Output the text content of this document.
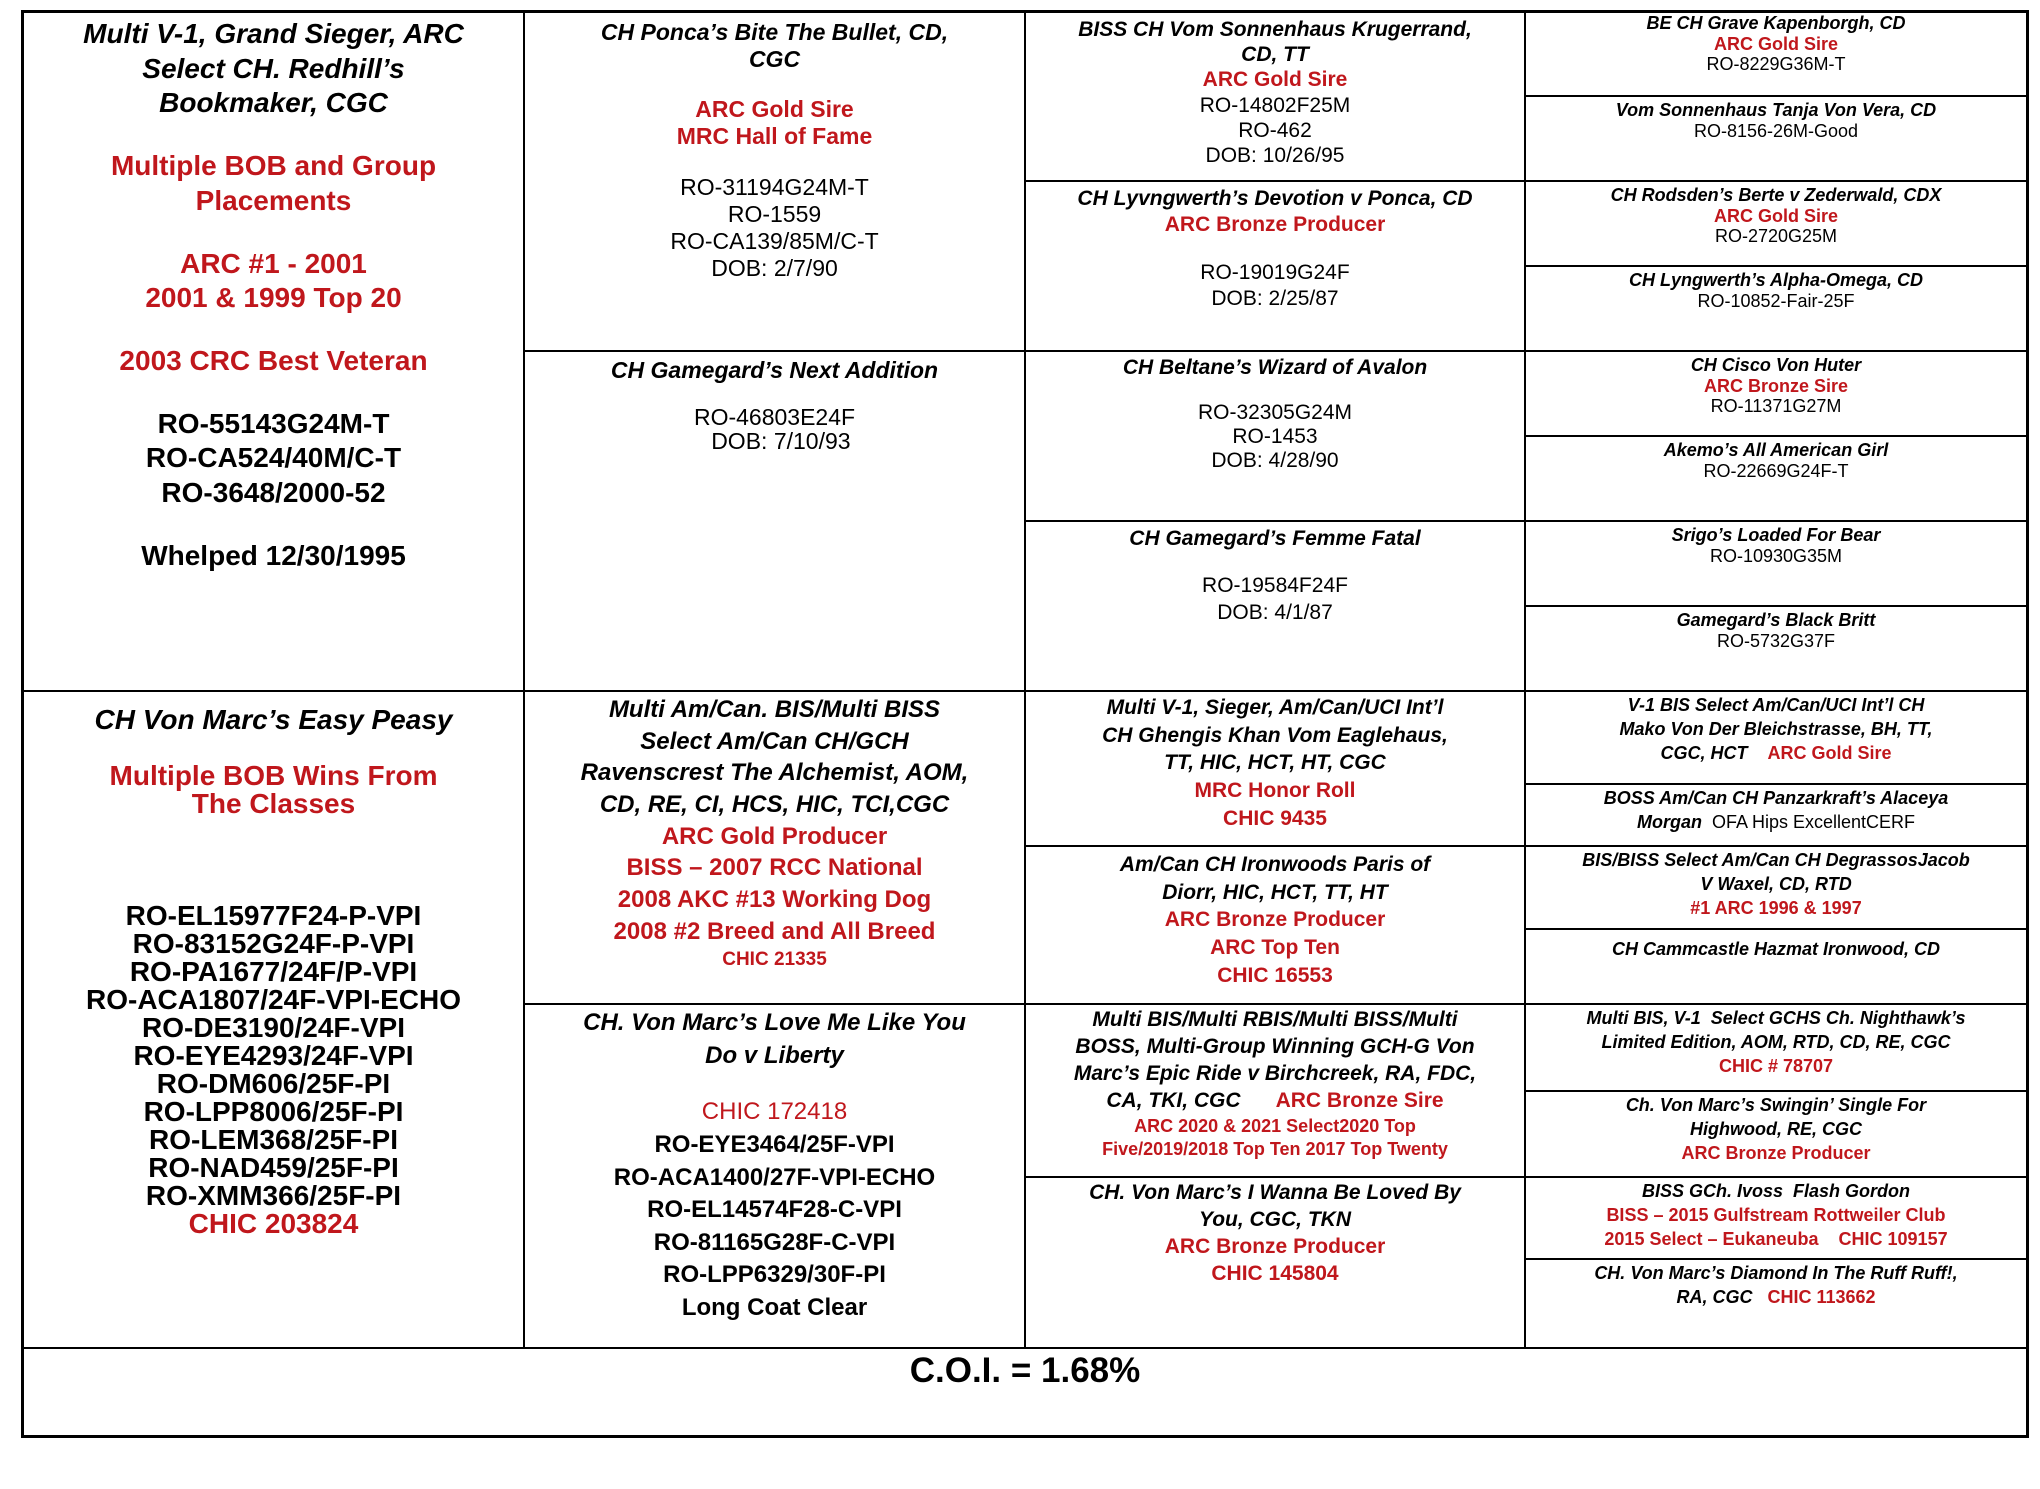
Multi V-1, Grand Sieger, ARC
Select CH. Redhill’s
Bookmaker, CGC
Multiple BOB and Group
Placements
ARC #1 - 2001
2001 & 1999 Top 20
2003 CRC Best Veteran
RO-55143G24M-T
RO-CA524/40M/C-T
RO-3648/2000-52
Whelped 12/30/1995
CH Von Marc’s Easy Peasy
Multiple BOB Wins From
The Classes
RO-EL15977F24-P-VPI
RO-83152G24F-P-VPI
RO-PA1677/24F/P-VPI
RO-ACA1807/24F-VPI-ECHO
RO-DE3190/24F-VPI
RO-EYE4293/24F-VPI
RO-DM606/25F-PI
RO-LPP8006/25F-PI
RO-LEM368/25F-PI
RO-NAD459/25F-PI
RO-XMM366/25F-PI
CHIC 203824
CH Ponca’s Bite The Bullet, CD,
CGC
ARC Gold Sire
MRC Hall of Fame
RO-31194G24M-T
RO-1559
RO-CA139/85M/C-T
DOB: 2/7/90
CH Gamegard’s Next Addition
RO-46803E24F
DOB: 7/10/93
Multi Am/Can. BIS/Multi BISS
Select Am/Can CH/GCH
Ravenscrest The Alchemist, AOM,
CD, RE, CI, HCS, HIC, TCI,CGC
ARC Gold Producer
BISS – 2007 RCC National
2008 AKC #13 Working Dog
2008 #2 Breed and All Breed
CHIC 21335
CH. Von Marc’s Love Me Like You
Do v Liberty
CHIC 172418
RO-EYE3464/25F-VPI
RO-ACA1400/27F-VPI-ECHO
RO-EL14574F28-C-VPI
RO-81165G28F-C-VPI
RO-LPP6329/30F-PI
Long Coat Clear
BISS CH Vom Sonnenhaus Krugerrand,
CD, TT
ARC Gold Sire
RO-14802F25M
RO-462
DOB: 10/26/95
CH Lyvngwerth’s Devotion v Ponca, CD
ARC Bronze Producer
RO-19019G24F
DOB: 2/25/87
CH Beltane’s Wizard of Avalon
RO-32305G24M
RO-1453
DOB: 4/28/90
CH Gamegard’s Femme Fatal
RO-19584F24F
DOB: 4/1/87
Multi V-1, Sieger, Am/Can/UCI Int’l
CH Ghengis Khan Vom Eaglehaus,
TT, HIC, HCT, HT, CGC
MRC Honor Roll
CHIC 9435
Am/Can CH Ironwoods Paris of
Diorr, HIC, HCT, TT, HT
ARC Bronze Producer
ARC Top Ten
CHIC 16553
Multi BIS/Multi RBIS/Multi BISS/Multi
BOSS, Multi-Group Winning GCH-G Von
Marc’s Epic Ride v Birchcreek, RA, FDC,
CA, TKI, CGC ARC Bronze Sire
ARC 2020 & 2021 Select2020 Top
Five/2019/2018 Top Ten 2017 Top Twenty
CH. Von Marc’s I Wanna Be Loved By
You, CGC, TKN
ARC Bronze Producer
CHIC 145804
BE CH Grave Kapenborgh, CD
ARC Gold Sire
RO-8229G36M-T
Vom Sonnenhaus Tanja Von Vera, CD
RO-8156-26M-Good
CH Rodsden’s Berte v Zederwald, CDX
ARC Gold Sire
RO-2720G25M
CH Lyngwerth’s Alpha-Omega, CD
RO-10852-Fair-25F
CH Cisco Von Huter
ARC Bronze Sire
RO-11371G27M
Akemo’s All American Girl
RO-22669G24F-T
Srigo’s Loaded For Bear
RO-10930G35M
Gamegard’s Black Britt
RO-5732G37F
V-1 BIS Select Am/Can/UCI Int’l CH
Mako Von Der Bleichstrasse, BH, TT,
CGC, HCT ARC Gold Sire
BOSS Am/Can CH Panzarkraft’s Alaceya
Morgan  OFA Hips ExcellentCERF
BIS/BISS Select Am/Can CH DegrassosJacob
V Waxel, CD, RTD
#1 ARC 1996 & 1997
CH Cammcastle Hazmat Ironwood, CD
Multi BIS, V-1  Select GCHS Ch. Nighthawk’s
Limited Edition, AOM, RTD, CD, RE, CGC
CHIC # 78707
Ch. Von Marc’s Swingin’ Single For
Highwood, RE, CGC
ARC Bronze Producer
BISS GCh. Ivoss  Flash Gordon
BISS – 2015 Gulfstream Rottweiler Club
2015 Select – Eukaneuba    CHIC 109157
CH. Von Marc’s Diamond In The Ruff Ruff!,
RA, CGC CHIC 113662
C.O.I. = 1.68%
